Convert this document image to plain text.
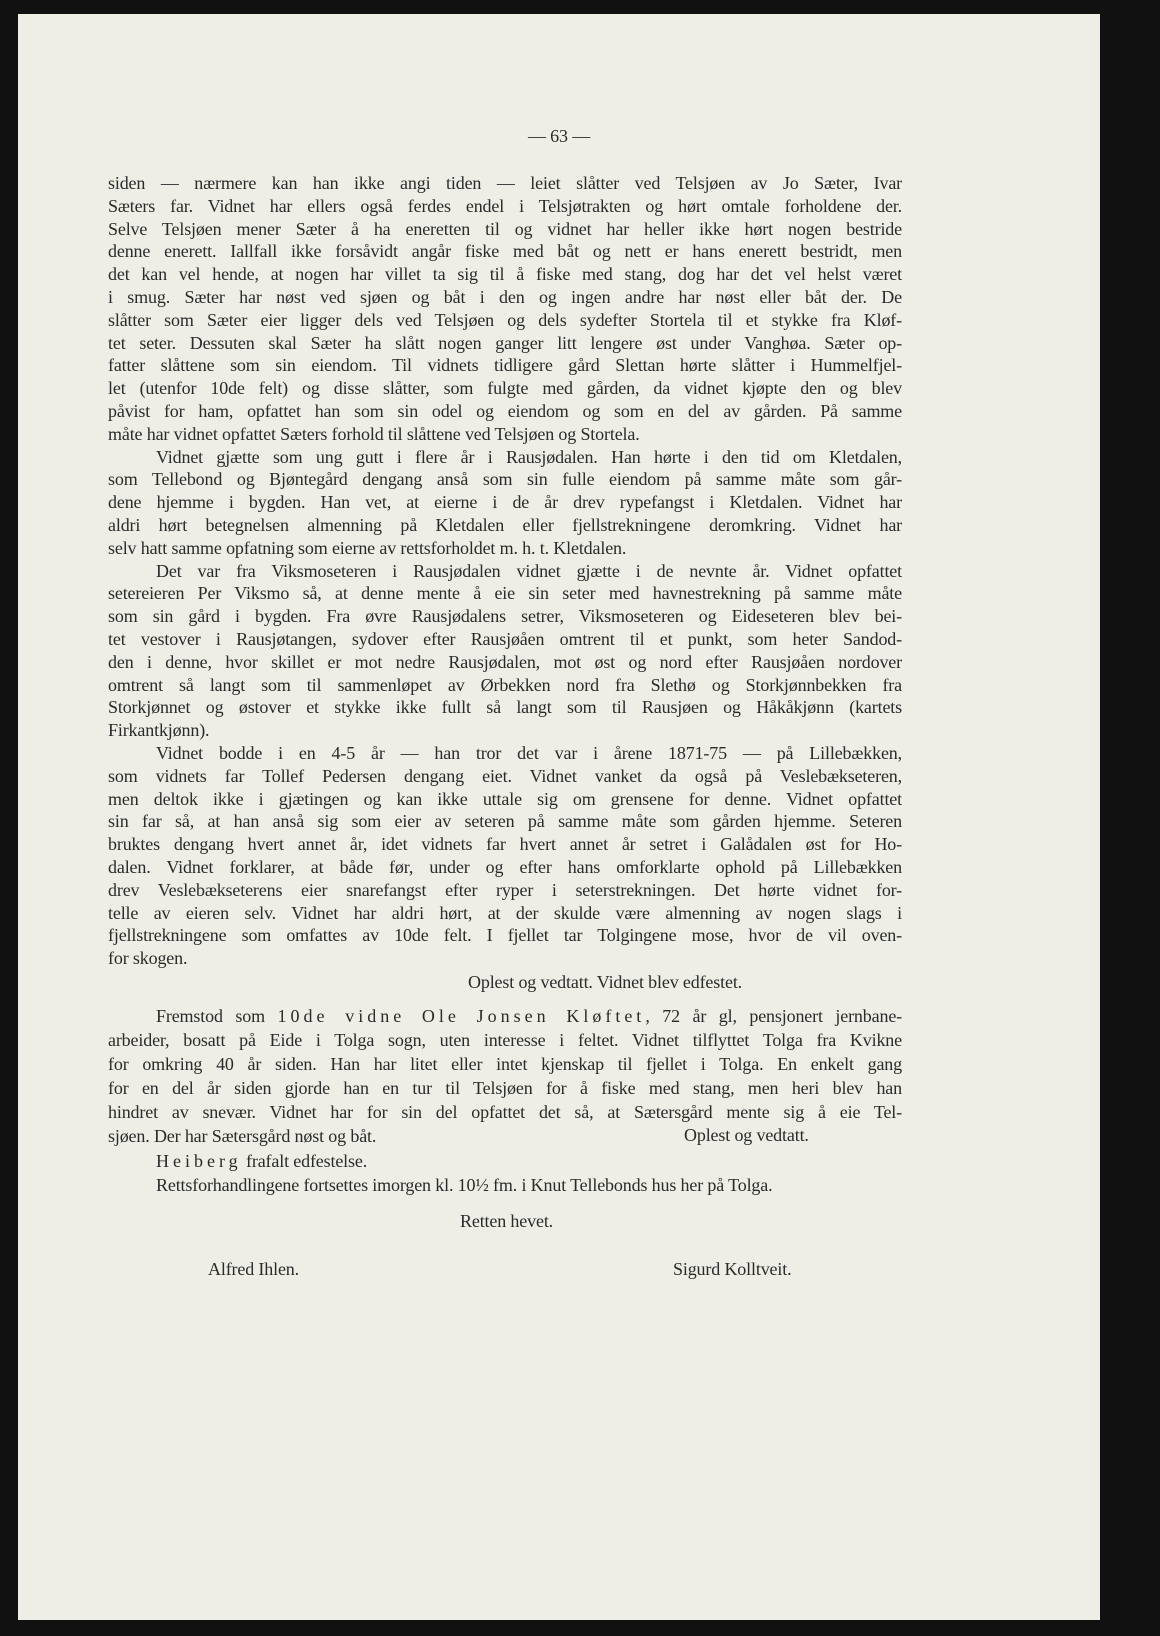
— 63 —
siden — nærmere kan han ikke angi tiden — leiet slåtter ved Telsjøen av Jo Sæter, Ivar
Sæters far. Vidnet har ellers også ferdes endel i Telsjøtrakten og hørt omtale forholdene der.
Selve Telsjøen mener Sæter å ha eneretten til og vidnet har heller ikke hørt nogen bestride
denne enerett. Iallfall ikke forsåvidt angår fiske med båt og nett er hans enerett bestridt, men
det kan vel hende, at nogen har villet ta sig til å fiske med stang, dog har det vel helst været
i smug. Sæter har nøst ved sjøen og båt i den og ingen andre har nøst eller båt der. De
slåtter som Sæter eier ligger dels ved Telsjøen og dels sydefter Stortela til et stykke fra Kløf-
tet seter. Dessuten skal Sæter ha slått nogen ganger litt lengere øst under Vanghøa. Sæter op-
fatter slåttene som sin eiendom. Til vidnets tidligere gård Slettan hørte slåtter i Hummelfjel-
let (utenfor 10de felt) og disse slåtter, som fulgte med gården, da vidnet kjøpte den og blev
påvist for ham, opfattet han som sin odel og eiendom og som en del av gården. På samme
måte har vidnet opfattet Sæters forhold til slåttene ved Telsjøen og Stortela.
Vidnet gjætte som ung gutt i flere år i Rausjødalen. Han hørte i den tid om Kletdalen,
som Tellebond og Bjøntegård dengang anså som sin fulle eiendom på samme måte som går-
dene hjemme i bygden. Han vet, at eierne i de år drev rypefangst i Kletdalen. Vidnet har
aldri hørt betegnelsen almenning på Kletdalen eller fjellstrekningene deromkring. Vidnet har
selv hatt samme opfatning som eierne av rettsforholdet m. h. t. Kletdalen.
Det var fra Viksmoseteren i Rausjødalen vidnet gjætte i de nevnte år. Vidnet opfattet
setereieren Per Viksmo så, at denne mente å eie sin seter med havnestrekning på samme måte
som sin gård i bygden. Fra øvre Rausjødalens setrer, Viksmoseteren og Eideseteren blev bei-
tet vestover i Rausjøtangen, sydover efter Rausjøåen omtrent til et punkt, som heter Sandod-
den i denne, hvor skillet er mot nedre Rausjødalen, mot øst og nord efter Rausjøåen nordover
omtrent så langt som til sammenløpet av Ørbekken nord fra Slethø og Storkjønnbekken fra
Storkjønnet og østover et stykke ikke fullt så langt som til Rausjøen og Håkåkjønn (kartets
Firkantkjønn).
Vidnet bodde i en 4-5 år — han tror det var i årene 1871-75 — på Lillebækken,
som vidnets far Tollef Pedersen dengang eiet. Vidnet vanket da også på Veslebækseteren,
men deltok ikke i gjætingen og kan ikke uttale sig om grensene for denne. Vidnet opfattet
sin far så, at han anså sig som eier av seteren på samme måte som gården hjemme. Seteren
bruktes dengang hvert annet år, idet vidnets far hvert annet år setret i Galådalen øst for Ho-
dalen. Vidnet forklarer, at både før, under og efter hans omforklarte ophold på Lillebækken
drev Veslebækseterens eier snarefangst efter ryper i seterstrekningen. Det hørte vidnet for-
telle av eieren selv. Vidnet har aldri hørt, at der skulde være almenning av nogen slags i
fjellstrekningene som omfattes av 10de felt. I fjellet tar Tolgingene mose, hvor de vil oven-
for skogen.
Oplest og vedtatt. Vidnet blev edfestet.
Fremstod som 10de vidne Ole Jonsen Kløftet, 72 år gl, pensjonert jernbane-
arbeider, bosatt på Eide i Tolga sogn, uten interesse i feltet. Vidnet tilflyttet Tolga fra Kvikne
for omkring 40 år siden. Han har litet eller intet kjenskap til fjellet i Tolga. En enkelt gang
for en del år siden gjorde han en tur til Telsjøen for å fiske med stang, men heri blev han
hindret av snevær. Vidnet har for sin del opfattet det så, at Sætersgård mente sig å eie Tel-
sjøen. Der har Sætersgård nøst og båt.
Heiberg frafalt edfestelse.
Rettsforhandlingene fortsettes imorgen kl. 10½ fm. i Knut Tellebonds hus her på Tolga.
Oplest og vedtatt.
Retten hevet.
Alfred Ihlen.	Sigurd Kolltveit.
